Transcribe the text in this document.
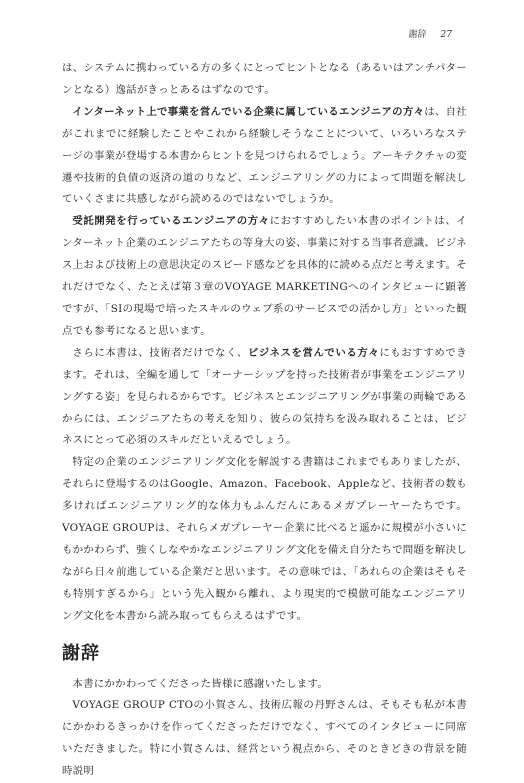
謝辞 27

は、システムに携わっている方の多くにとってヒントとなる（あるいはアンチパターンとなる）逸話がきっとあるはずなのです。

インターネット上で事業を営んでいる企業に属しているエンジニアの方々は、自社がこれまでに経験したことやこれから経験しそうなことについて、いろいろなステージの事業が登場する本書からヒントを見つけられるでしょう。アーキテクチャの変遷や技術的負債の返済の道のりなど、エンジニアリングの力によって問題を解決していくさまに共感しながら読めるのではないでしょうか。

受託開発を行っているエンジニアの方々におすすめしたい本書のポイントは、インターネット企業のエンジニアたちの等身大の姿、事業に対する当事者意識、ビジネス上および技術上の意思決定のスピード感などを具体的に読める点だと考えます。それだけでなく、たとえば第３章のVOYAGE MARKETINGへのインタビューに顕著ですが、「SIの現場で培ったスキルのウェブ系のサービスでの活かし方」といった観点でも参考になると思います。

さらに本書は、技術者だけでなく、ビジネスを営んでいる方々にもおすすめできます。それは、全編を通して「オーナーシップを持った技術者が事業をエンジニアリングする姿」を見られるからです。ビジネスとエンジニアリングが事業の両輪であるからには、エンジニアたちの考えを知り、彼らの気持ちを汲み取れることは、ビジネスにとって必須のスキルだといえるでしょう。

特定の企業のエンジニアリング文化を解説する書籍はこれまでもありましたが、それらに登場するのはGoogle、Amazon、Facebook、Appleなど、技術者の数も多ければエンジニアリング的な体力もふんだんにあるメガプレーヤーたちです。VOYAGE GROUPは、それらメガプレーヤー企業に比べると遥かに規模が小さいにもかかわらず、強くしなやかなエンジニアリング文化を備え自分たちで問題を解決しながら日々前進している企業だと思います。その意味では、「あれらの企業はそもそも特別すぎるから」という先入観から離れ、より現実的で模倣可能なエンジニアリング文化を本書から読み取ってもらえるはずです。

謝辞

本書にかかわってくださった皆様に感謝いたします。

VOYAGE GROUP CTOの小賀さん、技術広報の丹野さんは、そもそも私が本書にかかわるきっかけを作ってくださっただけでなく、すべてのインタビューに同席いただきました。特に小賀さんは、経営という視点から、そのときどきの背景を随時説明
